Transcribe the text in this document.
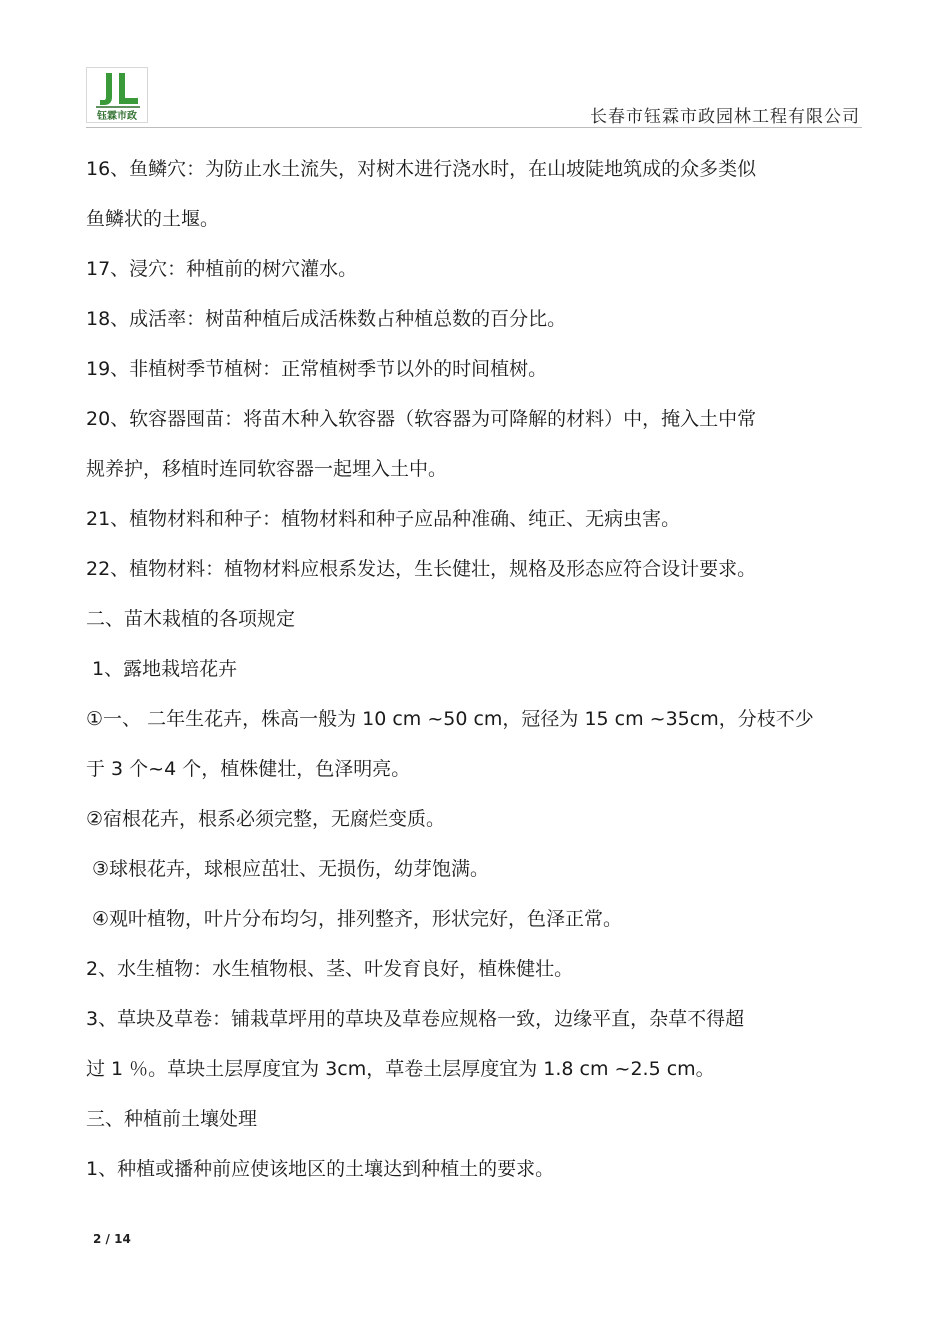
钰霖市政	长春市钰霖市政园林工程有限公司
16、鱼鳞穴：为防止水土流失，对树木进行浇水时，在山坡陡地筑成的众多类似
鱼鳞状的土堰。
17、浸穴：种植前的树穴灌水。
18、成活率：树苗种植后成活株数占种植总数的百分比。
19、非植树季节植树：正常植树季节以外的时间植树。
20、软容器囤苗：将苗木种入软容器（软容器为可降解的材料）中，掩入土中常
规养护，移植时连同软容器一起埋入土中。
21、植物材料和种子：植物材料和种子应品种准确、纯正、无病虫害。
22、植物材料：植物材料应根系发达，生长健壮，规格及形态应符合设计要求。
二、苗木栽植的各项规定
1、露地栽培花卉
①一、 二年生花卉，株高一般为 10 cm ~50 cm，冠径为 15 cm ~35cm，分枝不少
于 3 个~4 个，植株健壮，色泽明亮。
②宿根花卉，根系必须完整，无腐烂变质。
③球根花卉，球根应茁壮、无损伤，幼芽饱满。
④观叶植物，叶片分布均匀，排列整齐，形状完好，色泽正常。
2、水生植物：水生植物根、茎、叶发育良好，植株健壮。
3、草块及草卷：铺栽草坪用的草块及草卷应规格一致，边缘平直，杂草不得超
过 1 ％。草块土层厚度宜为 3cm，草卷土层厚度宜为 1.8 cm ~2.5 cm。
三、种植前土壤处理
1、种植或播种前应使该地区的土壤达到种植土的要求。
2 / 14
